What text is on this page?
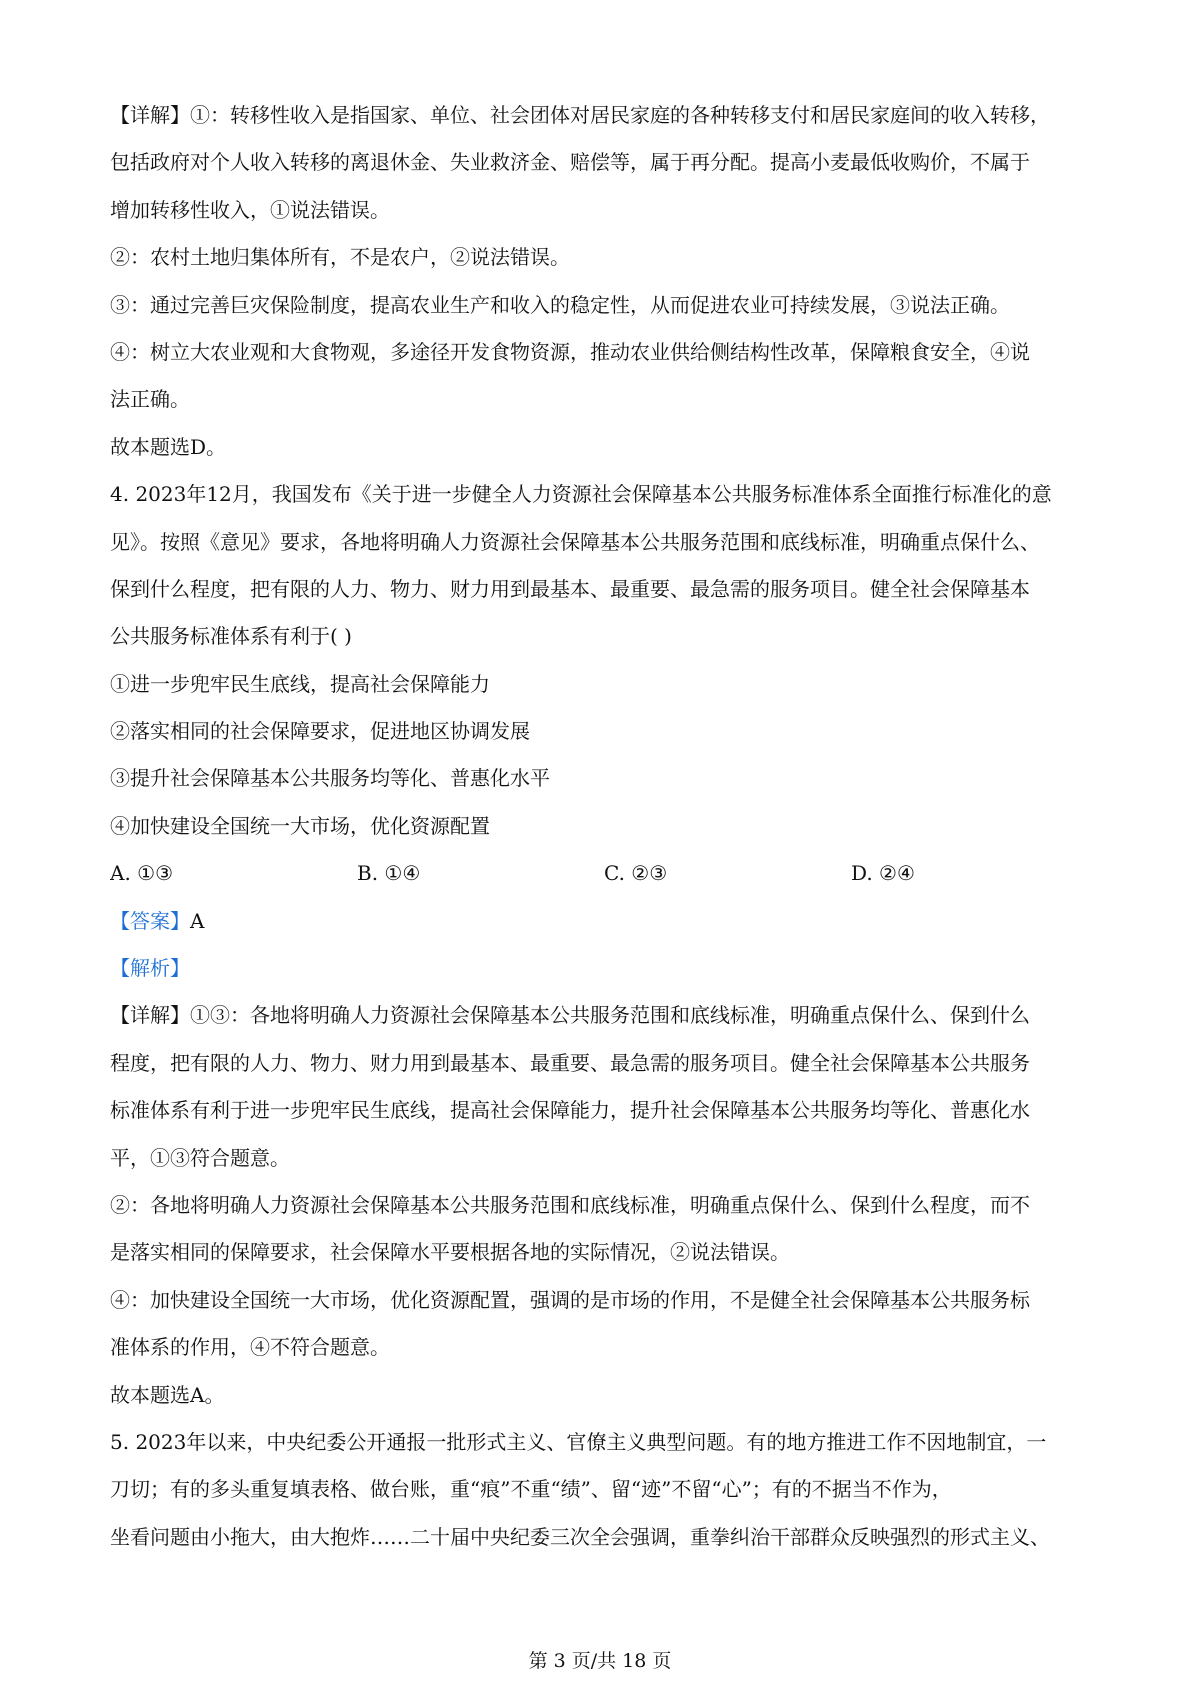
【详解】①：转移性收入是指国家、单位、社会团体对居民家庭的各种转移支付和居民家庭间的收入转移，
包括政府对个人收入转移的离退休金、失业救济金、赔偿等，属于再分配。提高小麦最低收购价，不属于
增加转移性收入，①说法错误。
②：农村土地归集体所有，不是农户，②说法错误。
③：通过完善巨灾保险制度，提高农业生产和收入的稳定性，从而促进农业可持续发展，③说法正确。
④：树立大农业观和大食物观，多途径开发食物资源，推动农业供给侧结构性改革，保障粮食安全，④说
法正确。
故本题选D。
4. 2023年12月，我国发布《关于进一步健全人力资源社会保障基本公共服务标准体系全面推行标准化的意
见》。按照《意见》要求，各地将明确人力资源社会保障基本公共服务范围和底线标准，明确重点保什么、
保到什么程度，把有限的人力、物力、财力用到最基本、最重要、最急需的服务项目。健全社会保障基本
公共服务标准体系有利于( )
①进一步兜牢民生底线，提高社会保障能力
②落实相同的社会保障要求，促进地区协调发展
③提升社会保障基本公共服务均等化、普惠化水平
④加快建设全国统一大市场，优化资源配置
A. ①③	B. ①④	C. ②③	D. ②④
【答案】A
【解析】
【详解】①③：各地将明确人力资源社会保障基本公共服务范围和底线标准，明确重点保什么、保到什么
程度，把有限的人力、物力、财力用到最基本、最重要、最急需的服务项目。健全社会保障基本公共服务
标准体系有利于进一步兜牢民生底线，提高社会保障能力，提升社会保障基本公共服务均等化、普惠化水
平，①③符合题意。
②：各地将明确人力资源社会保障基本公共服务范围和底线标准，明确重点保什么、保到什么程度，而不
是落实相同的保障要求，社会保障水平要根据各地的实际情况，②说法错误。
④：加快建设全国统一大市场，优化资源配置，强调的是市场的作用，不是健全社会保障基本公共服务标
准体系的作用，④不符合题意。
故本题选A。
5. 2023年以来，中央纪委公开通报一批形式主义、官僚主义典型问题。有的地方推进工作不因地制宜，一
刀切；有的多头重复填表格、做台账，重“痕”不重“绩”、留“迹”不留“心”；有的不据当不作为，
坐看问题由小拖大，由大抱炸……二十届中央纪委三次全会强调，重拳纠治干部群众反映强烈的形式主义、
第 3 页/共 18 页
